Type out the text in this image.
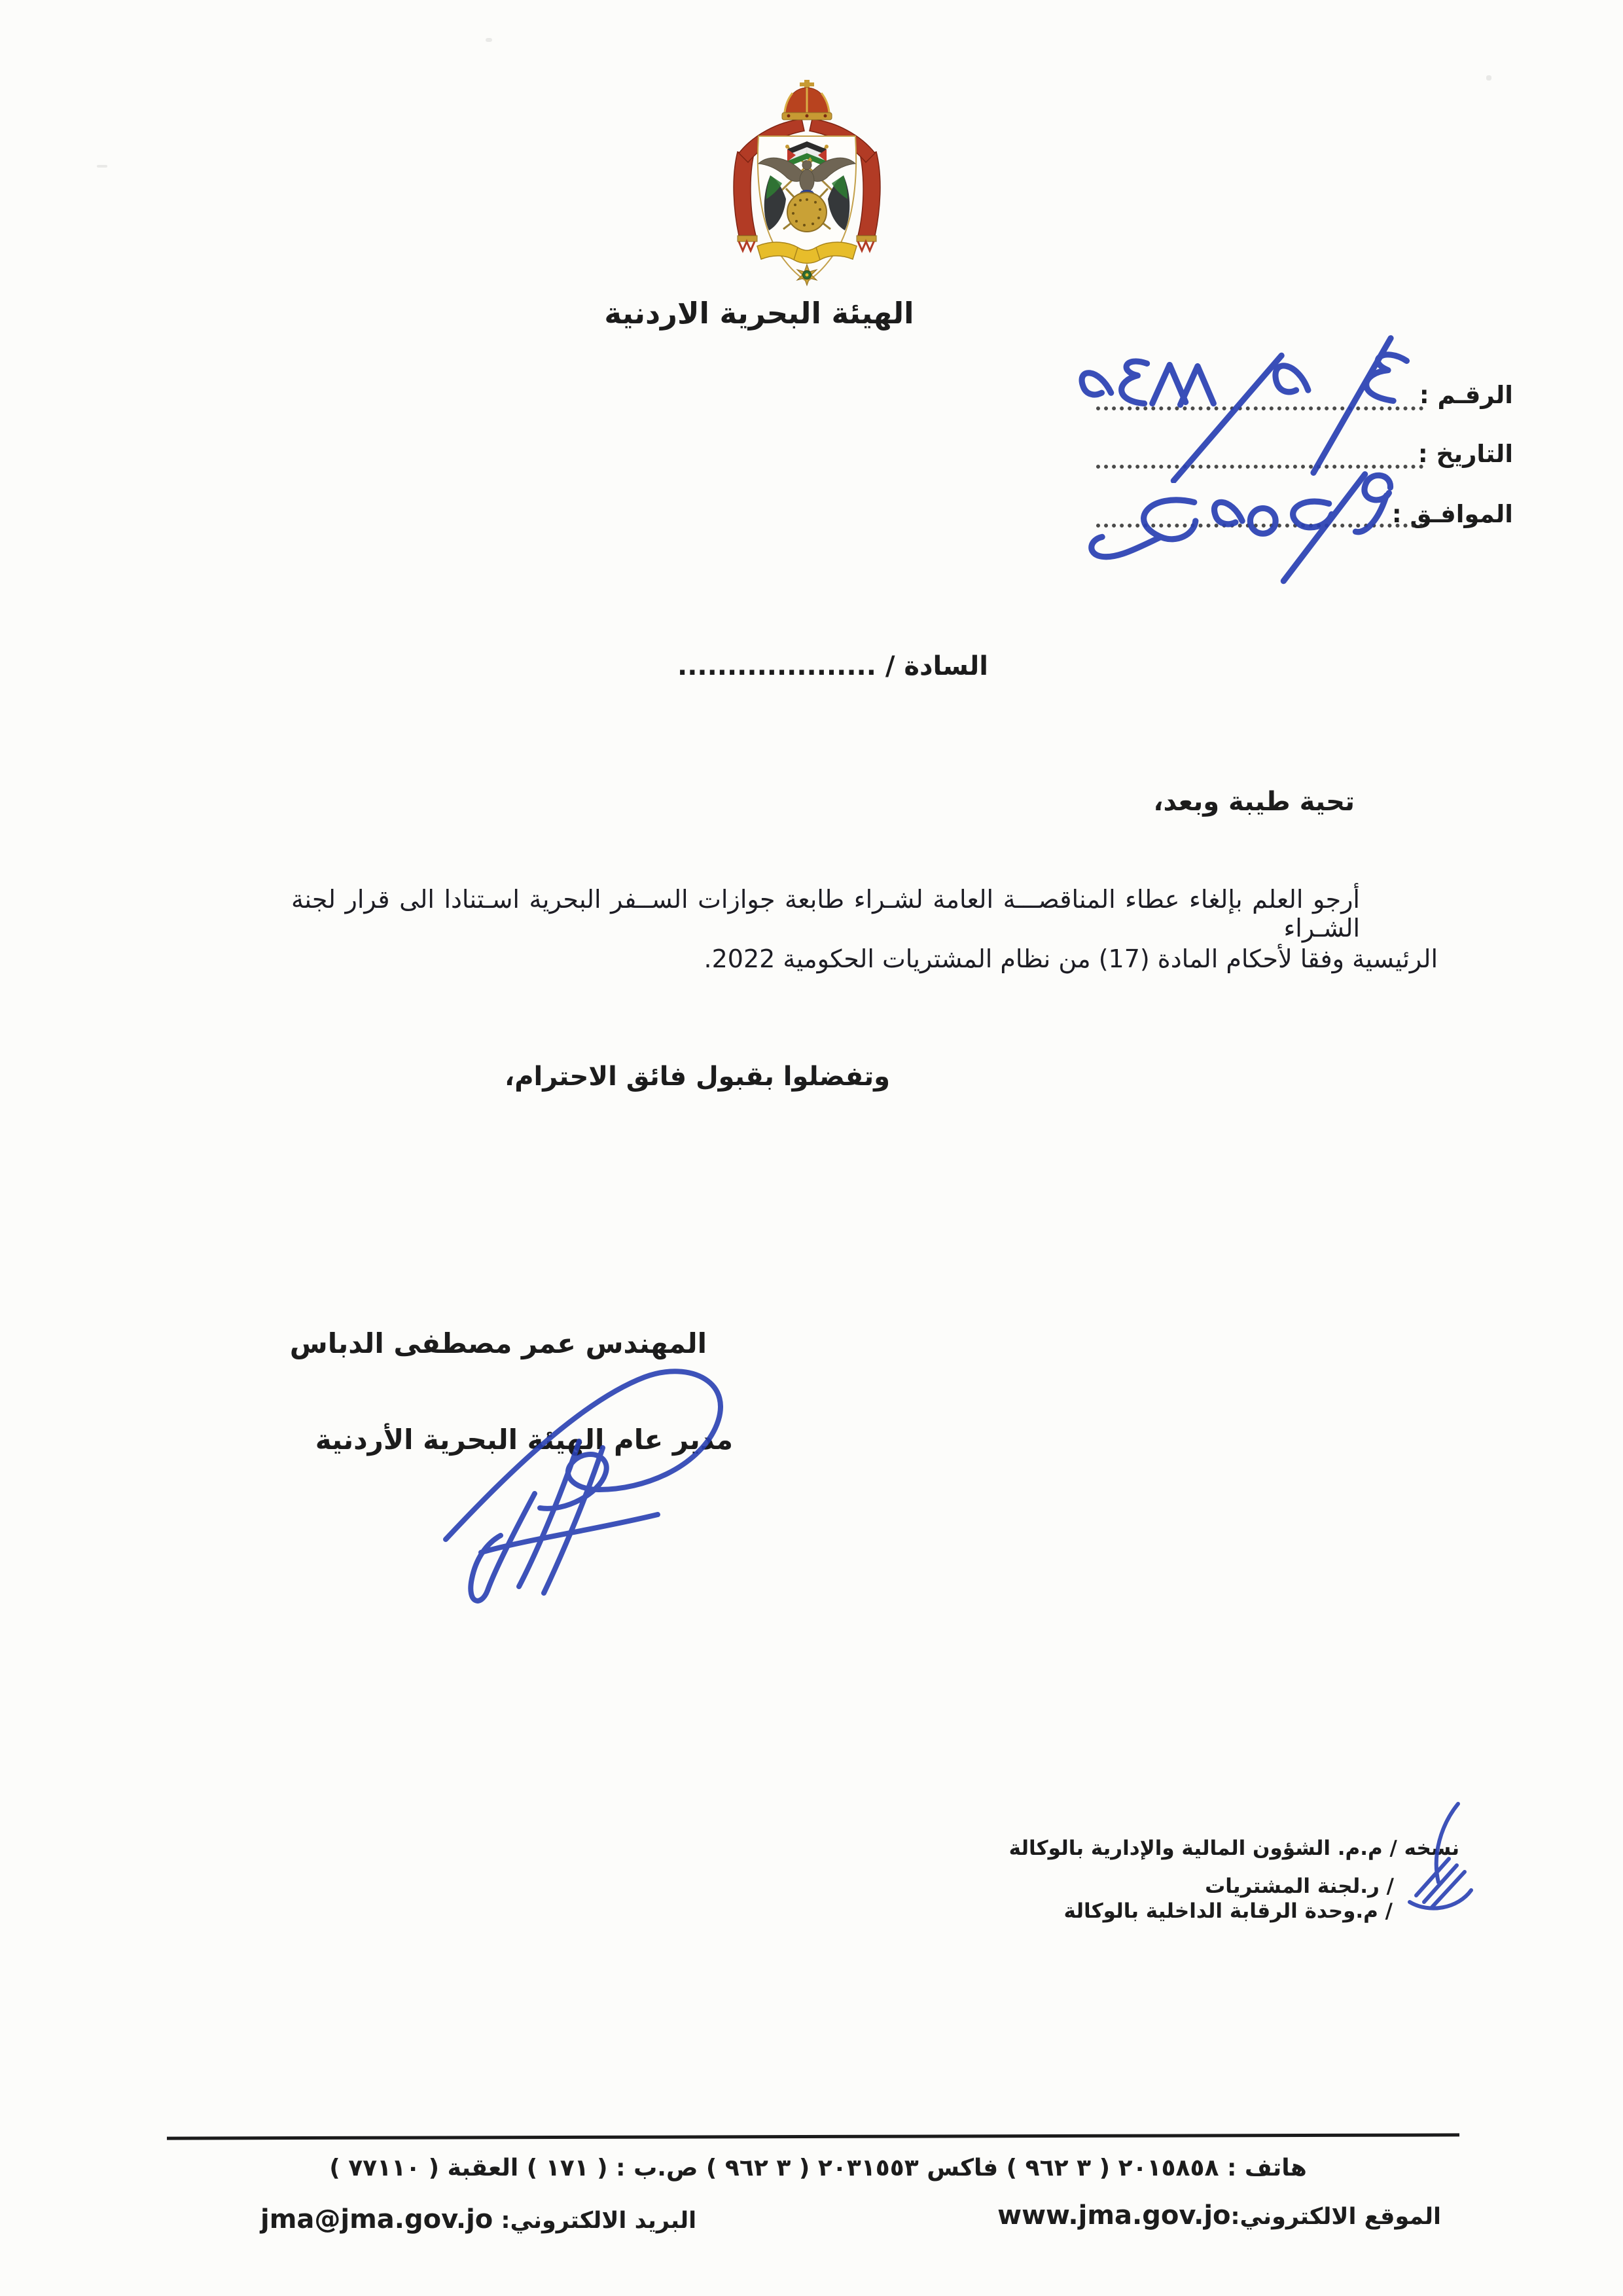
الهيئة البحرية الاردنية
الرقـم :
التاريخ :
الموافـق :
السادة / ....................
تحية طيبة وبعد،
أرجو العلم بإلغاء عطاء المناقصـــة العامة لشـراء طابعة جوازات الســفر البحرية اسـتنادا الى قرار لجنة الشـراء
الرئيسية وفقا لأحكام المادة (17) من نظام المشتريات الحكومية 2022.
وتفضلوا بقبول فائق الاحترام،
المهندس عمر مصطفى الدباس
مدير عام الهيئة البحرية الأردنية
نسخه / م.م. الشؤون المالية والإدارية بالوكالة
/ ر.لجنة المشتريات
/ م.وحدة الرقابة الداخلية بالوكالة
هاتف : ٢٠١٥٨٥٨ ( ٣ ٩٦٢ ) فاكس ٢٠٣١٥٥٣ ( ٣ ٩٦٢ ) ص.ب : ( ١٧١ ) العقبة ( ٧٧١١٠ )
الموقع الالكتروني:www.jma.gov.jo
البريد الالكتروني: jma@jma.gov.jo
